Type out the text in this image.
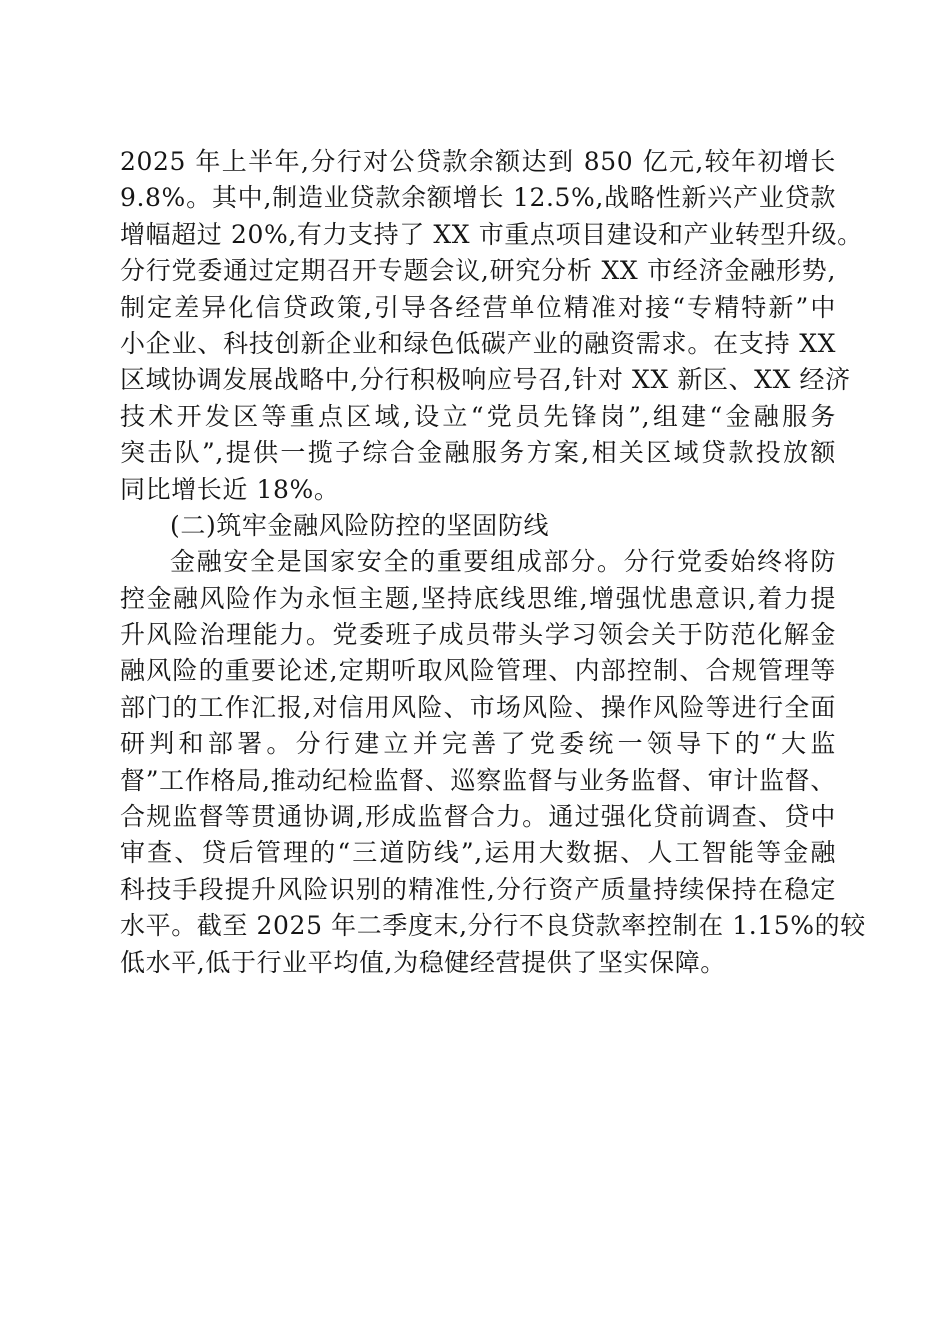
2025 年上半年,分行对公贷款余额达到 850 亿元,较年初增长
9.8%。其中,制造业贷款余额增长 12.5%,战略性新兴产业贷款
增幅超过 20%,有力支持了 XX 市重点项目建设和产业转型升级。
分行党委通过定期召开专题会议,研究分析 XX 市经济金融形势,
制定差异化信贷政策,引导各经营单位精准对接“专精特新”中
小企业、科技创新企业和绿色低碳产业的融资需求。在支持 XX
区域协调发展战略中,分行积极响应号召,针对 XX 新区、XX 经济
技术开发区等重点区域,设立“党员先锋岗”,组建“金融服务
突击队”,提供一揽子综合金融服务方案,相关区域贷款投放额
同比增长近 18%。
(二)筑牢金融风险防控的坚固防线
金融安全是国家安全的重要组成部分。分行党委始终将防
控金融风险作为永恒主题,坚持底线思维,增强忧患意识,着力提
升风险治理能力。党委班子成员带头学习领会关于防范化解金
融风险的重要论述,定期听取风险管理、内部控制、合规管理等
部门的工作汇报,对信用风险、市场风险、操作风险等进行全面
研判和部署。分行建立并完善了党委统一领导下的“大监
督”工作格局,推动纪检监督、巡察监督与业务监督、审计监督、
合规监督等贯通协调,形成监督合力。通过强化贷前调查、贷中
审查、贷后管理的“三道防线”,运用大数据、人工智能等金融
科技手段提升风险识别的精准性,分行资产质量持续保持在稳定
水平。截至 2025 年二季度末,分行不良贷款率控制在 1.15%的较
低水平,低于行业平均值,为稳健经营提供了坚实保障。
